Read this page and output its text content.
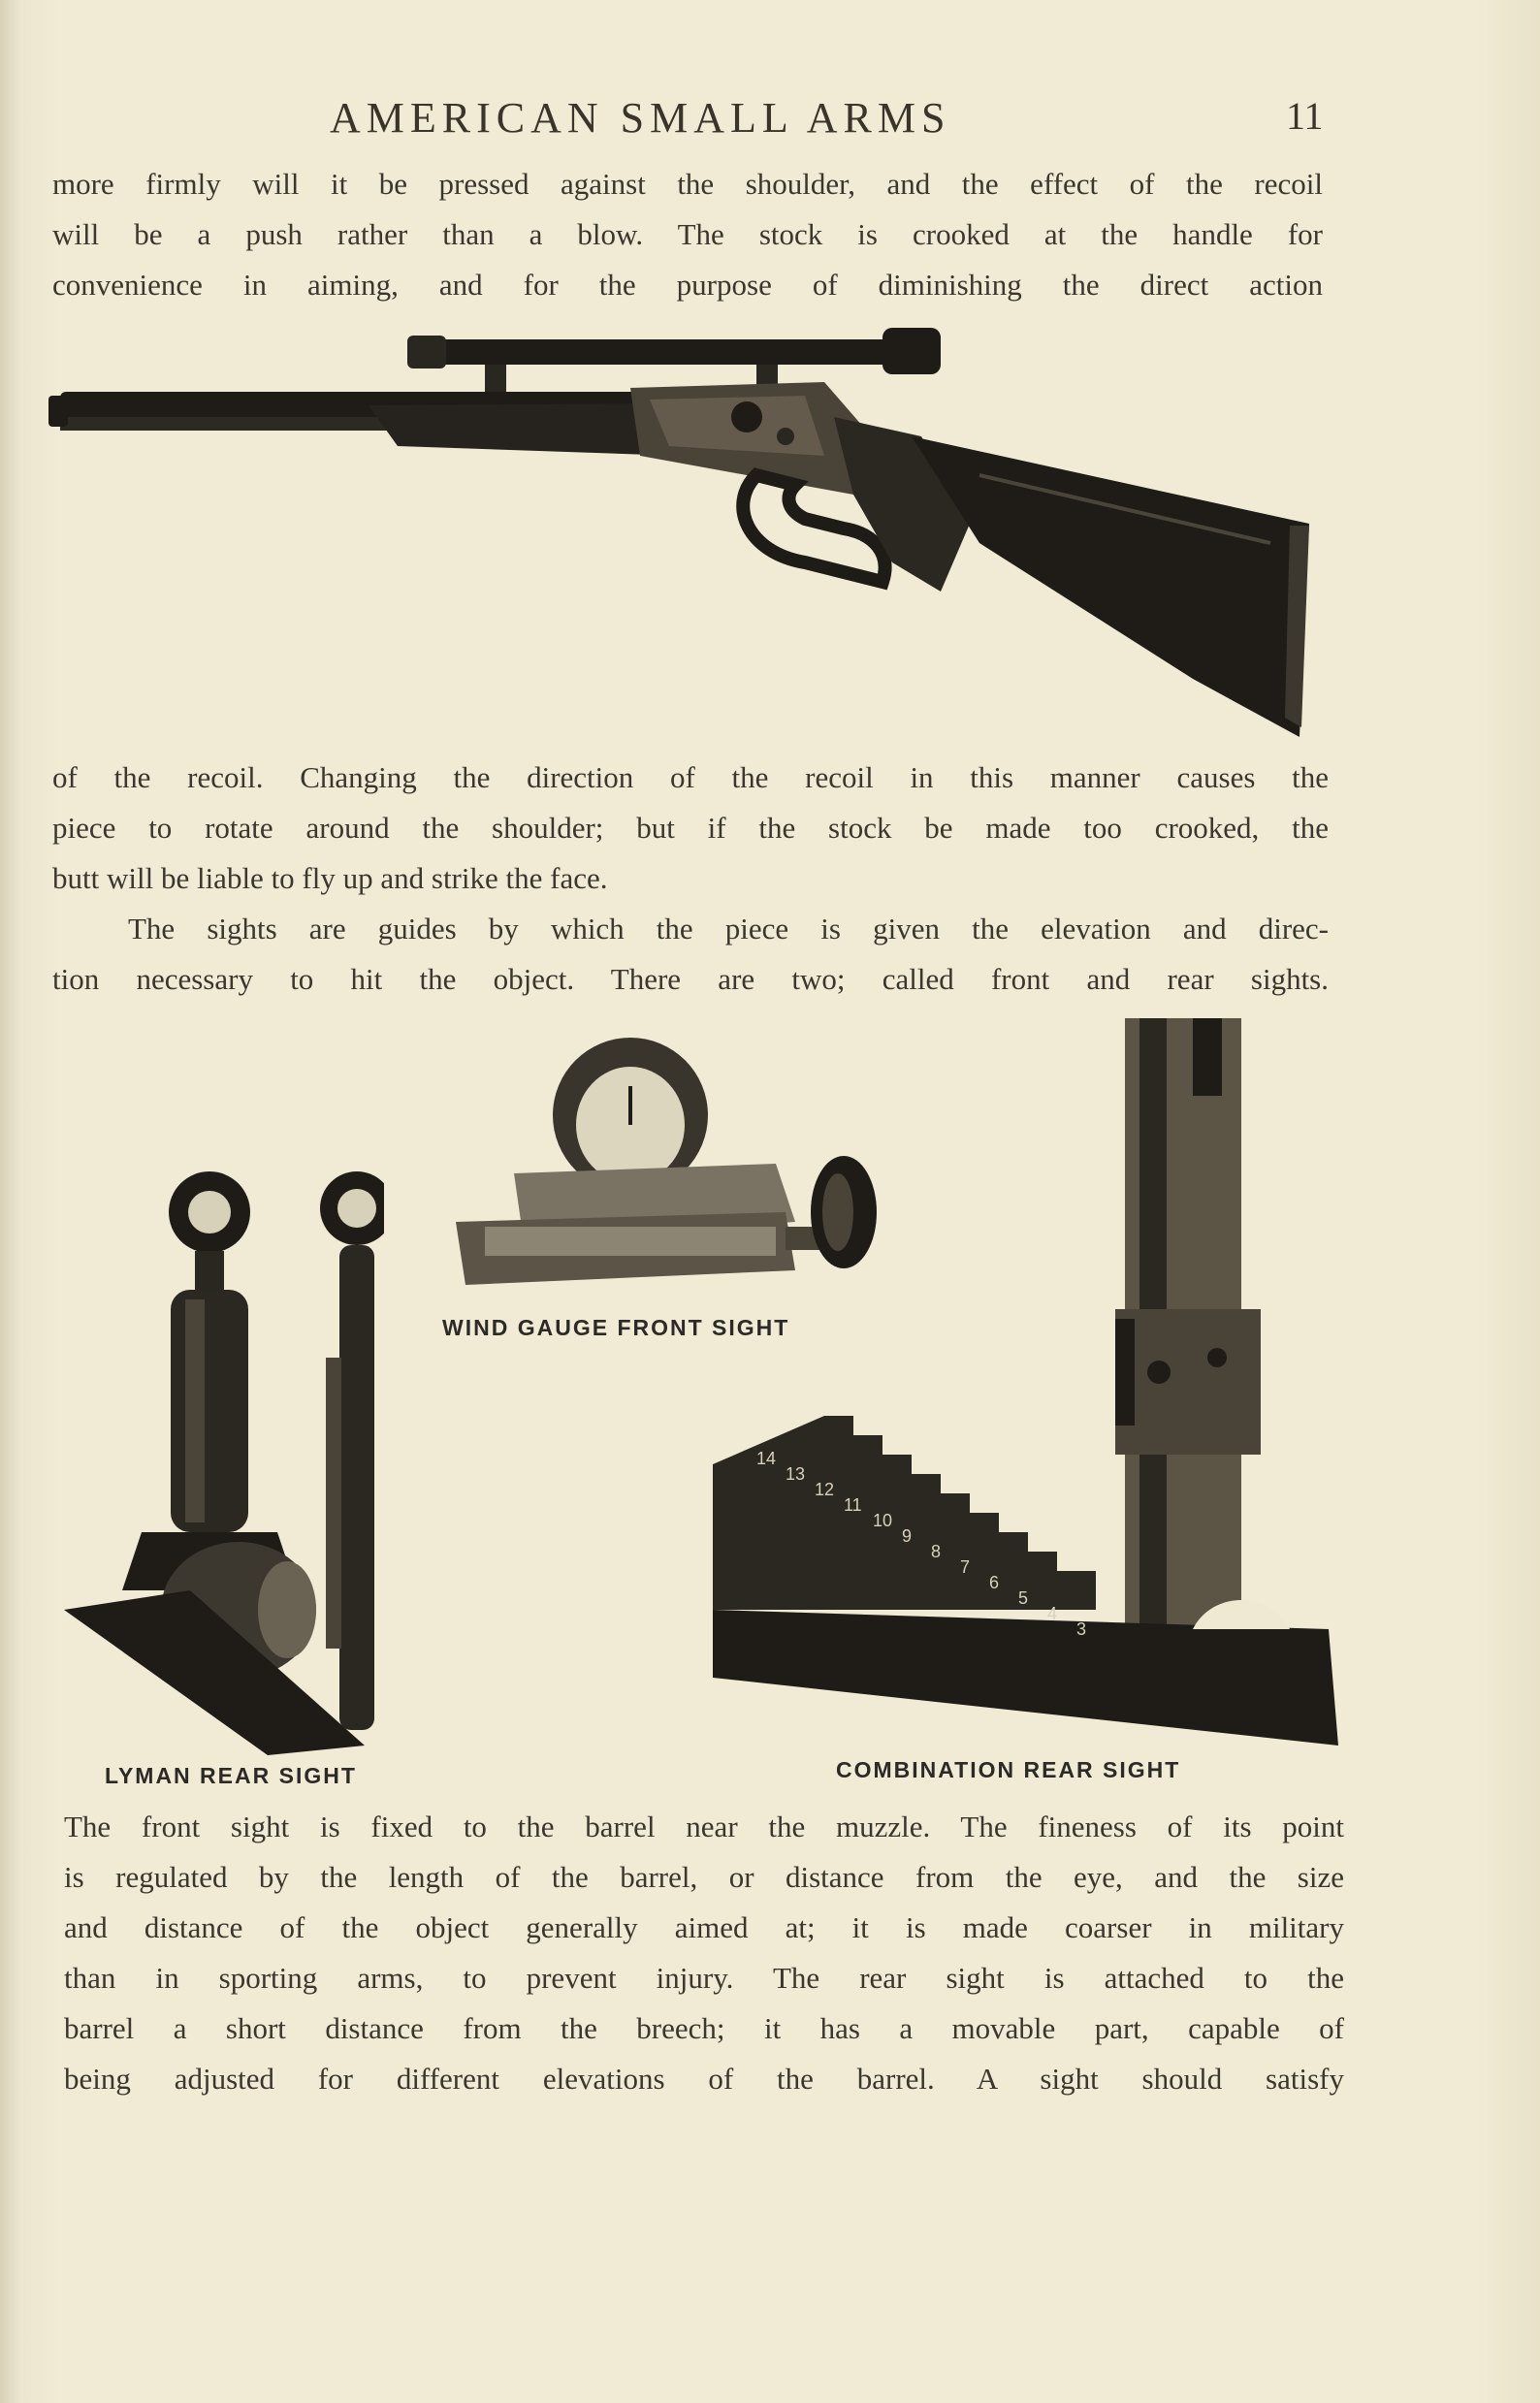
AMERICAN SMALL ARMS	11

more firmly will it be pressed against the shoulder, and the effect of the recoil
will be a push rather than a blow. The stock is crooked at the handle for
convenience in aiming, and for the purpose of diminishing the direct action

of the recoil. Changing the direction of the recoil in this manner causes the
piece to rotate around the shoulder; but if the stock be made too crooked, the
butt will be liable to fly up and strike the face.

The sights are guides by which the piece is given the elevation and direc-
tion necessary to hit the object. There are two; called front and rear sights.

WIND GAUGE FRONT SIGHT
LYMAN REAR SIGHT
14
13
12
11
10
9
8
7
6
5
4
3
COMBINATION REAR SIGHT

The front sight is fixed to the barrel near the muzzle. The fineness of its point
is regulated by the length of the barrel, or distance from the eye, and the size
and distance of the object generally aimed at; it is made coarser in military
than in sporting arms, to prevent injury. The rear sight is attached to the
barrel a short distance from the breech; it has a movable part, capable of
being adjusted for different elevations of the barrel. A sight should satisfy
